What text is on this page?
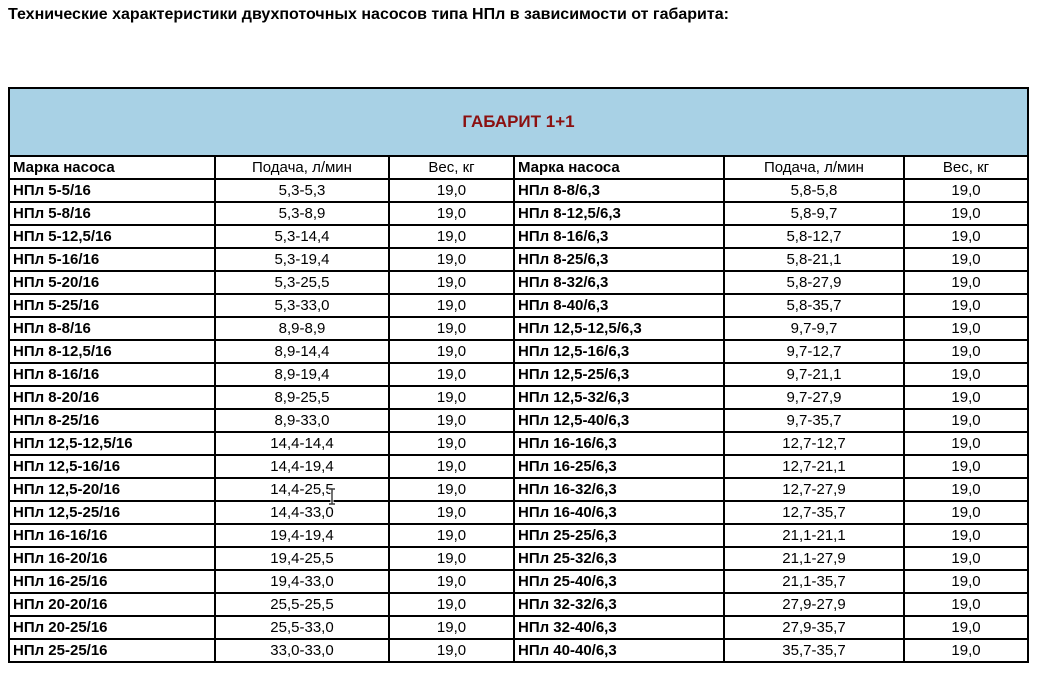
Технические характеристики двухпоточных насосов типа НПл в зависимости от габарита:
ГАБАРИТ 1+1					
Марка насоса	Подача, л/мин	Вес, кг	Марка насоса	Подача, л/мин	Вес, кг
НПл 5-5/16	5,3-5,3	19,0	НПл 8-8/6,3	5,8-5,8	19,0
НПл 5-8/16	5,3-8,9	19,0	НПл 8-12,5/6,3	5,8-9,7	19,0
НПл 5-12,5/16	5,3-14,4	19,0	НПл 8-16/6,3	5,8-12,7	19,0
НПл 5-16/16	5,3-19,4	19,0	НПл 8-25/6,3	5,8-21,1	19,0
НПл 5-20/16	5,3-25,5	19,0	НПл 8-32/6,3	5,8-27,9	19,0
НПл 5-25/16	5,3-33,0	19,0	НПл 8-40/6,3	5,8-35,7	19,0
НПл 8-8/16	8,9-8,9	19,0	НПл 12,5-12,5/6,3	9,7-9,7	19,0
НПл 8-12,5/16	8,9-14,4	19,0	НПл 12,5-16/6,3	9,7-12,7	19,0
НПл 8-16/16	8,9-19,4	19,0	НПл 12,5-25/6,3	9,7-21,1	19,0
НПл 8-20/16	8,9-25,5	19,0	НПл 12,5-32/6,3	9,7-27,9	19,0
НПл 8-25/16	8,9-33,0	19,0	НПл 12,5-40/6,3	9,7-35,7	19,0
НПл 12,5-12,5/16	14,4-14,4	19,0	НПл 16-16/6,3	12,7-12,7	19,0
НПл 12,5-16/16	14,4-19,4	19,0	НПл 16-25/6,3	12,7-21,1	19,0
НПл 12,5-20/16	14,4-25,5	19,0	НПл 16-32/6,3	12,7-27,9	19,0
НПл 12,5-25/16	14,4-33,0	19,0	НПл 16-40/6,3	12,7-35,7	19,0
НПл 16-16/16	19,4-19,4	19,0	НПл 25-25/6,3	21,1-21,1	19,0
НПл 16-20/16	19,4-25,5	19,0	НПл 25-32/6,3	21,1-27,9	19,0
НПл 16-25/16	19,4-33,0	19,0	НПл 25-40/6,3	21,1-35,7	19,0
НПл 20-20/16	25,5-25,5	19,0	НПл 32-32/6,3	27,9-27,9	19,0
НПл 20-25/16	25,5-33,0	19,0	НПл 32-40/6,3	27,9-35,7	19,0
НПл 25-25/16	33,0-33,0	19,0	НПл 40-40/6,3	35,7-35,7	19,0
